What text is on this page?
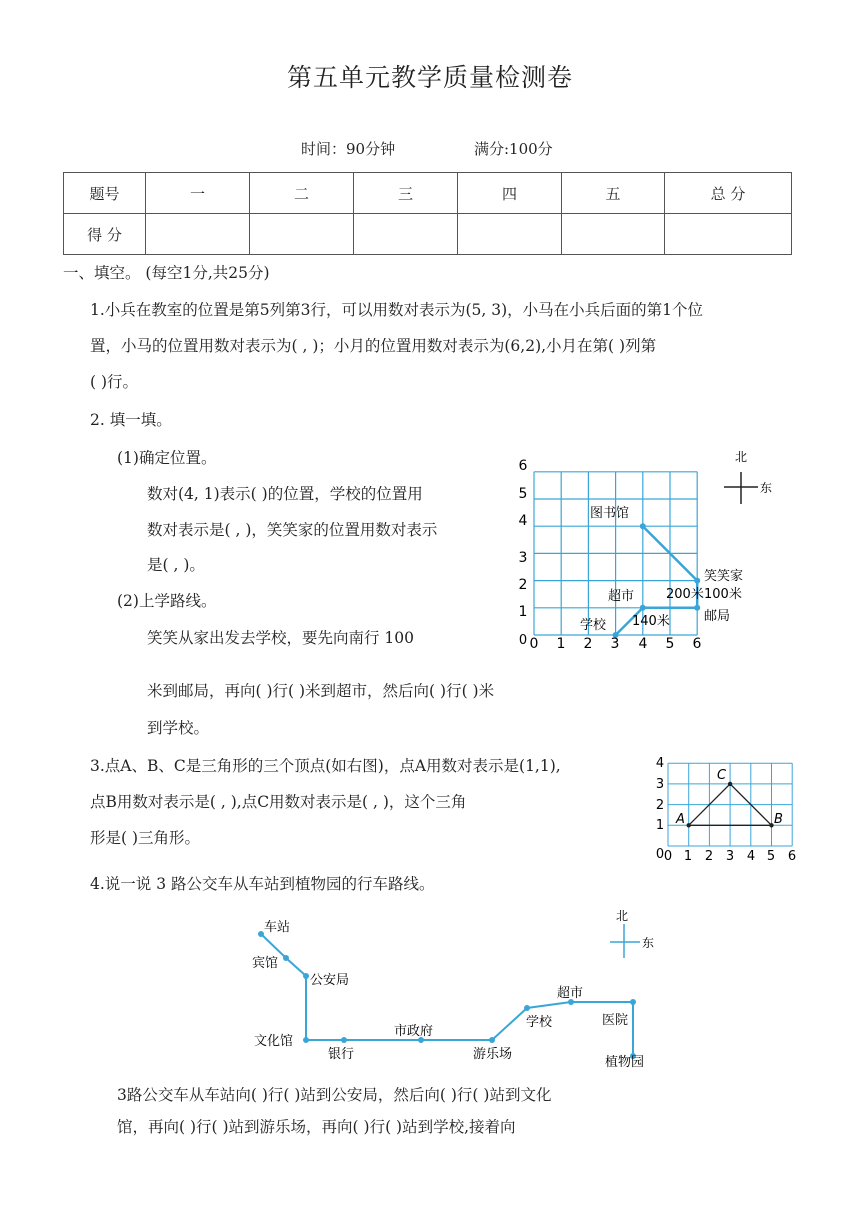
第五单元教学质量检测卷
时间：90分钟	满分:100分
题号	一	二	三	四	五	总 分
得 分						
一、填空。 (每空1分,共25分)
1.小兵在教室的位置是第5列第3行，可以用数对表示为(5, 3)，小马在小兵后面的第1个位
置，小马的位置用数对表示为( , )；小月的位置用数对表示为(6,2),小月在第( )列第
( )行。
2. 填一填。
(1)确定位置。
数对(4, 1)表示( )的位置，学校的位置用
数对表示是( , )，笑笑家的位置用数对表示
是( , )。
(2)上学路线。
笑笑从家出发去学校，要先向南行 100
米到邮局，再向( )行( )米到超市，然后向( )行( )米
到学校。
0
1
2
3
4
5
6
0 1 2 3 4 5 6
图书馆
笑笑家
200米 100米
超市
邮局
140米
学校
北
东
3.点A、B、C是三角形的三个顶点(如右图)，点A用数对表示是(1,1),
点B用数对表示是( , ),点C用数对表示是( , )，这个三角
形是( )三角形。
0
1
2
3
4
0 1 2 3 4 5 6
A	B
C
4.说一说 3 路公交车从车站到植物园的行车路线。
车站
宾馆
公安局
文化馆
银行
市政府
游乐场
学校
超市
医院
植物园
北
东
3路公交车从车站向( )行( )站到公安局，然后向( )行( )站到文化
馆，再向( )行( )站到游乐场，再向( )行( )站到学校,接着向
